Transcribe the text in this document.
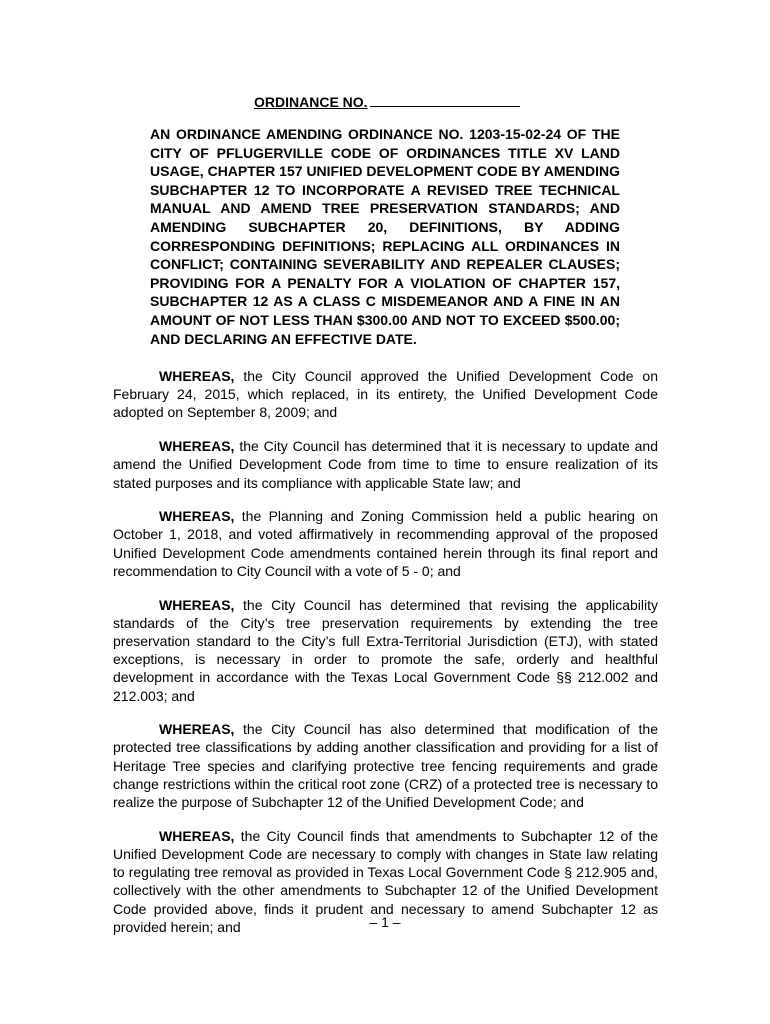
ORDINANCE NO.
AN ORDINANCE AMENDING ORDINANCE NO. 1203-15-02-24 OF THE CITY OF PFLUGERVILLE CODE OF ORDINANCES TITLE XV LAND USAGE, CHAPTER 157 UNIFIED DEVELOPMENT CODE BY AMENDING SUBCHAPTER 12 TO INCORPORATE A REVISED TREE TECHNICAL MANUAL AND AMEND TREE PRESERVATION STANDARDS; AND AMENDING SUBCHAPTER 20, DEFINITIONS, BY ADDING CORRESPONDING DEFINITIONS; REPLACING ALL ORDINANCES IN CONFLICT; CONTAINING SEVERABILITY AND REPEALER CLAUSES; PROVIDING FOR A PENALTY FOR A VIOLATION OF CHAPTER 157, SUBCHAPTER 12 AS A CLASS C MISDEMEANOR AND A FINE IN AN AMOUNT OF NOT LESS THAN $300.00 AND NOT TO EXCEED $500.00; AND DECLARING AN EFFECTIVE DATE.

WHEREAS, the City Council approved the Unified Development Code on February 24, 2015, which replaced, in its entirety, the Unified Development Code adopted on September 8, 2009; and

WHEREAS, the City Council has determined that it is necessary to update and amend the Unified Development Code from time to time to ensure realization of its stated purposes and its compliance with applicable State law; and

WHEREAS, the Planning and Zoning Commission held a public hearing on October 1, 2018, and voted affirmatively in recommending approval of the proposed Unified Development Code amendments contained herein through its final report and recommendation to City Council with a vote of 5 - 0; and

WHEREAS, the City Council has determined that revising the applicability standards of the City’s tree preservation requirements by extending the tree preservation standard to the City’s full Extra-Territorial Jurisdiction (ETJ), with stated exceptions, is necessary in order to promote the safe, orderly and healthful development in accordance with the Texas Local Government Code §§ 212.002 and 212.003; and

WHEREAS, the City Council has also determined that modification of the protected tree classifications by adding another classification and providing for a list of Heritage Tree species and clarifying protective tree fencing requirements and grade change restrictions within the critical root zone (CRZ) of a protected tree is necessary to realize the purpose of Subchapter 12 of the Unified Development Code; and

WHEREAS, the City Council finds that amendments to Subchapter 12 of the Unified Development Code are necessary to comply with changes in State law relating to regulating tree removal as provided in Texas Local Government Code § 212.905 and, collectively with the other amendments to Subchapter 12 of the Unified Development Code provided above, finds it prudent and necessary to amend Subchapter 12 as provided herein; and	– 1 –
